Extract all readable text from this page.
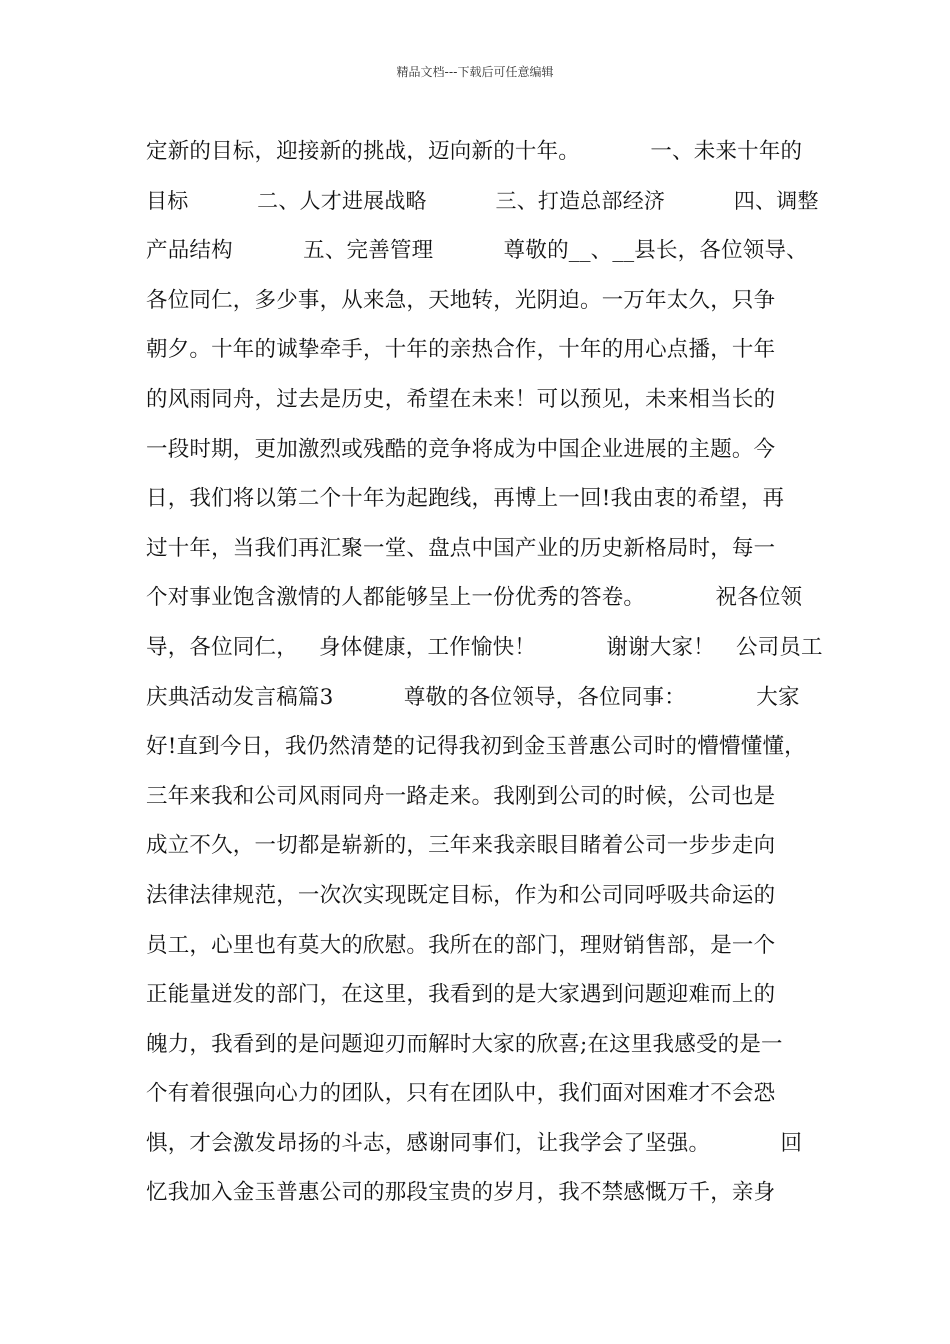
精品文档---下载后可任意编辑
定新的目标，迎接新的挑战，迈向新的十年。          一、未来十年的
目标          二、人才进展战略          三、打造总部经济          四、调整
产品结构          五、完善管理          尊敬的__、__县长，各位领导、
各位同仁，多少事，从来急，天地转，光阴迫。一万年太久，只争
朝夕。十年的诚挚牵手，十年的亲热合作，十年的用心点播，十年
的风雨同舟，过去是历史，希望在未来！可以预见，未来相当长的
一段时期，更加激烈或残酷的竞争将成为中国企业进展的主题。今
日，我们将以第二个十年为起跑线，再博上一回!我由衷的希望，再
过十年，当我们再汇聚一堂、盘点中国产业的历史新格局时，每一
个对事业饱含激情的人都能够呈上一份优秀的答卷。          祝各位领
导，各位同仁，   身体健康，工作愉快！          谢谢大家！   公司员工
庆典活动发言稿篇3          尊敬的各位领导，各位同事：          大家
好!直到今日，我仍然清楚的记得我初到金玉普惠公司时的懵懵懂懂，
三年来我和公司风雨同舟一路走来。我刚到公司的时候，公司也是
成立不久，一切都是崭新的，三年来我亲眼目睹着公司一步步走向
法律法律规范，一次次实现既定目标，作为和公司同呼吸共命运的
员工，心里也有莫大的欣慰。我所在的部门，理财销售部，是一个
正能量迸发的部门，在这里，我看到的是大家遇到问题迎难而上的
魄力，我看到的是问题迎刃而解时大家的欣喜;在这里我感受的是一
个有着很强向心力的团队，只有在团队中，我们面对困难才不会恐
惧，才会激发昂扬的斗志，感谢同事们，让我学会了坚强。          回
忆我加入金玉普惠公司的那段宝贵的岁月，我不禁感慨万千，亲身
